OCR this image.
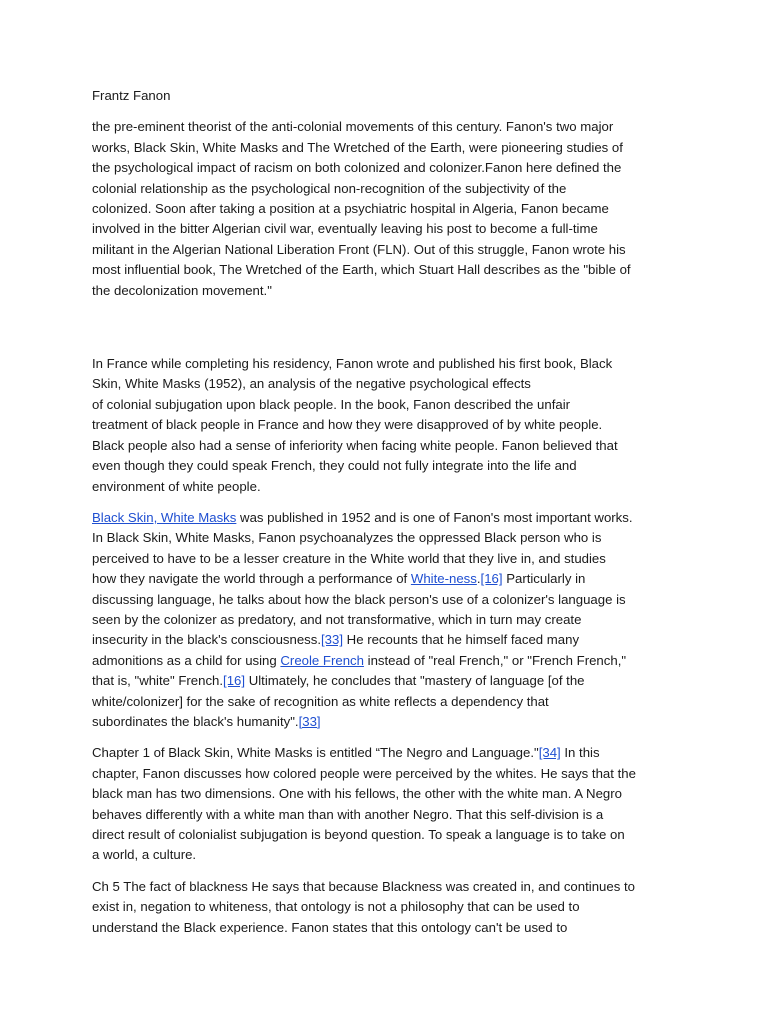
Frantz Fanon
the pre-eminent theorist of the anti-colonial movements of this century. Fanon's two major
works, Black Skin, White Masks and The Wretched of the Earth, were pioneering studies of
the psychological impact of racism on both colonized and colonizer.Fanon here defined the
colonial relationship as the psychological non-recognition of the subjectivity of the
colonized. Soon after taking a position at a psychiatric hospital in Algeria, Fanon became
involved in the bitter Algerian civil war, eventually leaving his post to become a full-time
militant in the Algerian National Liberation Front (FLN). Out of this struggle, Fanon wrote his
most influential book, The Wretched of the Earth, which Stuart Hall describes as the "bible of
the decolonization movement."
In France while completing his residency, Fanon wrote and published his first book, Black
Skin, White Masks (1952), an analysis of the negative psychological effects
of colonial subjugation upon black people. In the book, Fanon described the unfair
treatment of black people in France and how they were disapproved of by white people.
Black people also had a sense of inferiority when facing white people. Fanon believed that
even though they could speak French, they could not fully integrate into the life and
environment of white people.
Black Skin, White Masks was published in 1952 and is one of Fanon's most important works.
In Black Skin, White Masks, Fanon psychoanalyzes the oppressed Black person who is
perceived to have to be a lesser creature in the White world that they live in, and studies
how they navigate the world through a performance of White-ness.[16] Particularly in
discussing language, he talks about how the black person's use of a colonizer's language is
seen by the colonizer as predatory, and not transformative, which in turn may create
insecurity in the black's consciousness.[33] He recounts that he himself faced many
admonitions as a child for using Creole French instead of "real French," or "French French,"
that is, "white" French.[16] Ultimately, he concludes that "mastery of language [of the
white/colonizer] for the sake of recognition as white reflects a dependency that
subordinates the black's humanity".[33]
Chapter 1 of Black Skin, White Masks is entitled “The Negro and Language."[34] In this
chapter, Fanon discusses how colored people were perceived by the whites. He says that the
black man has two dimensions. One with his fellows, the other with the white man. A Negro
behaves differently with a white man than with another Negro. That this self-division is a
direct result of colonialist subjugation is beyond question. To speak a language is to take on
a world, a culture.
Ch 5 The fact of blackness He says that because Blackness was created in, and continues to
exist in, negation to whiteness, that ontology is not a philosophy that can be used to
understand the Black experience. Fanon states that this ontology can't be used to
